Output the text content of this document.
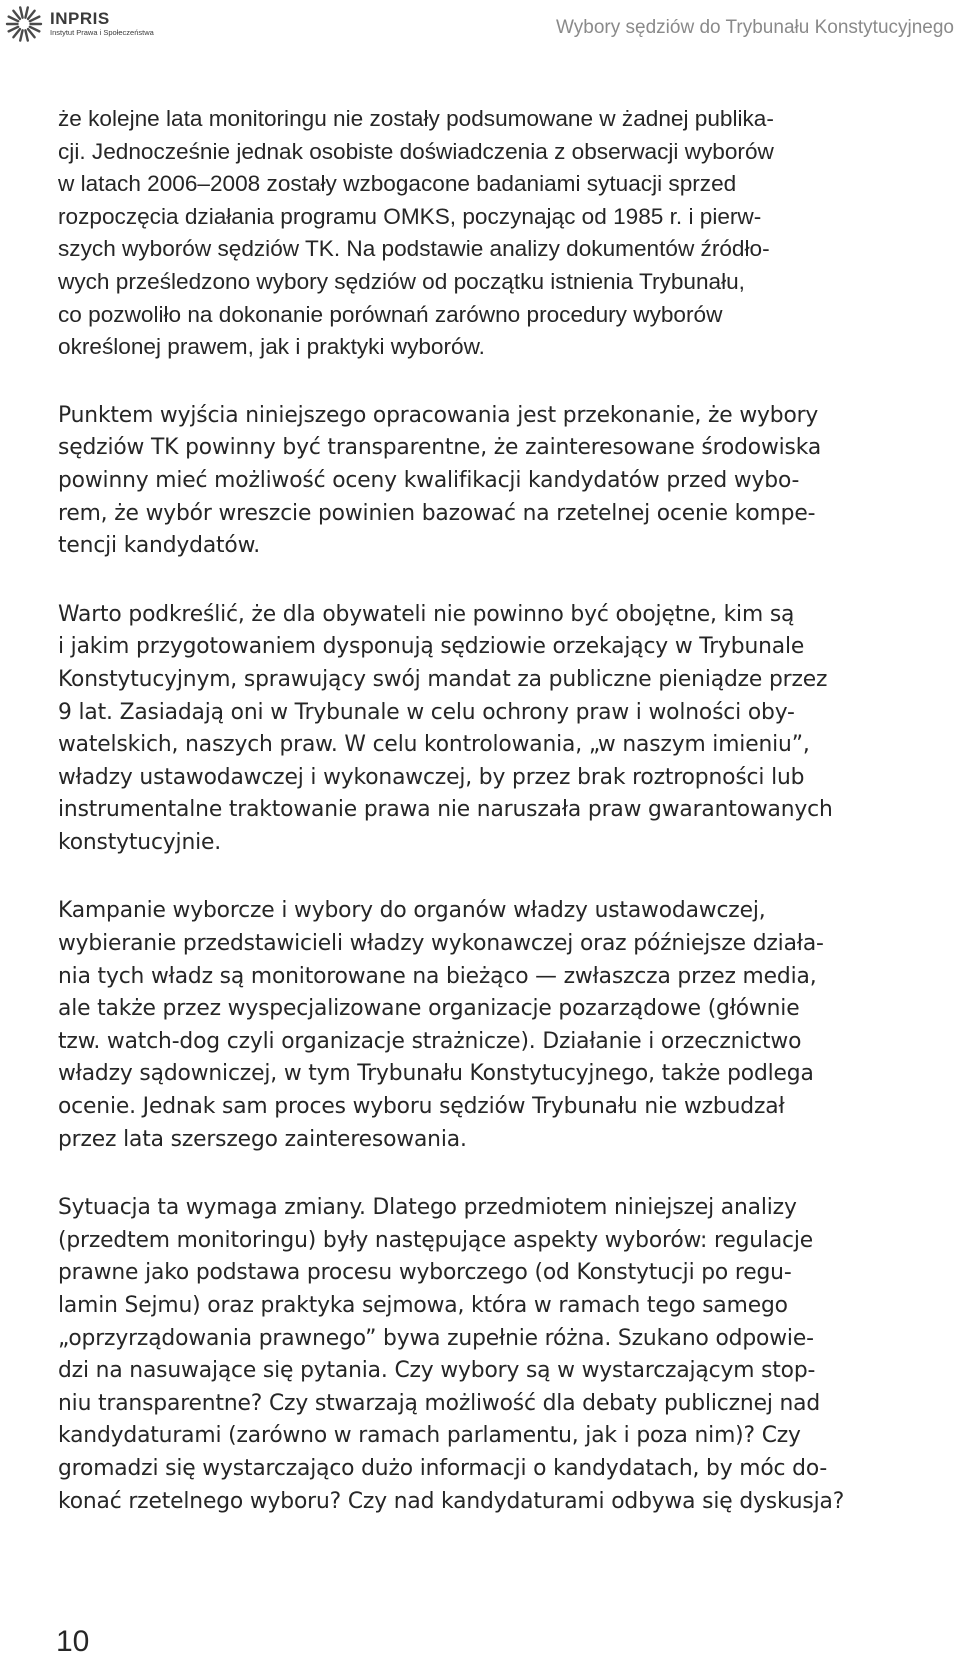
INPRIS
Instytut Prawa i Społeczeństwa	Wybory sędziów do Trybunału Konstytucyjnego
że kolejne lata monitoringu nie zostały podsumowane w żadnej publika-
cji. Jednocześnie jednak osobiste doświadczenia z obserwacji wyborów
w latach 2006–2008 zostały wzbogacone badaniami sytuacji sprzed
rozpoczęcia działania programu OMKS, poczynając od 1985 r. i pierw-
szych wyborów sędziów TK. Na podstawie analizy dokumentów źródło-
wych prześledzono wybory sędziów od początku istnienia Trybunału,
co pozwoliło na dokonanie porównań zarówno procedury wyborów
określonej prawem, jak i praktyki wyborów.
Punktem wyjścia niniejszego opracowania jest przekonanie, że wybory
sędziów TK powinny być transparentne, że zainteresowane środowiska
powinny mieć możliwość oceny kwalifikacji kandydatów przed wybo-
rem, że wybór wreszcie powinien bazować na rzetelnej ocenie kompe-
tencji kandydatów.
Warto podkreślić, że dla obywateli nie powinno być obojętne, kim są
i jakim przygotowaniem dysponują sędziowie orzekający w Trybunale
Konstytucyjnym, sprawujący swój mandat za publiczne pieniądze przez
9 lat. Zasiadają oni w Trybunale w celu ochrony praw i wolności oby-
watelskich, naszych praw. W celu kontrolowania, „w naszym imieniu”,
władzy ustawodawczej i wykonawczej, by przez brak roztropności lub
instrumentalne traktowanie prawa nie naruszała praw gwarantowanych
konstytucyjnie.
Kampanie wyborcze i wybory do organów władzy ustawodawczej,
wybieranie przedstawicieli władzy wykonawczej oraz późniejsze działa-
nia tych władz są monitorowane na bieżąco — zwłaszcza przez media,
ale także przez wyspecjalizowane organizacje pozarządowe (głównie
tzw. watch-dog czyli organizacje strażnicze). Działanie i orzecznictwo
władzy sądowniczej, w tym Trybunału Konstytucyjnego, także podlega
ocenie. Jednak sam proces wyboru sędziów Trybunału nie wzbudzał
przez lata szerszego zainteresowania.
Sytuacja ta wymaga zmiany. Dlatego przedmiotem niniejszej analizy
(przedtem monitoringu) były następujące aspekty wyborów: regulacje
prawne jako podstawa procesu wyborczego (od Konstytucji po regu-
lamin Sejmu) oraz praktyka sejmowa, która w ramach tego samego
„oprzyrządowania prawnego” bywa zupełnie różna. Szukano odpowie-
dzi na nasuwające się pytania. Czy wybory są w wystarczającym stop-
niu transparentne? Czy stwarzają możliwość dla debaty publicznej nad
kandydaturami (zarówno w ramach parlamentu, jak i poza nim)? Czy
gromadzi się wystarczająco dużo informacji o kandydatach, by móc do-
konać rzetelnego wyboru? Czy nad kandydaturami odbywa się dyskusja?
10
